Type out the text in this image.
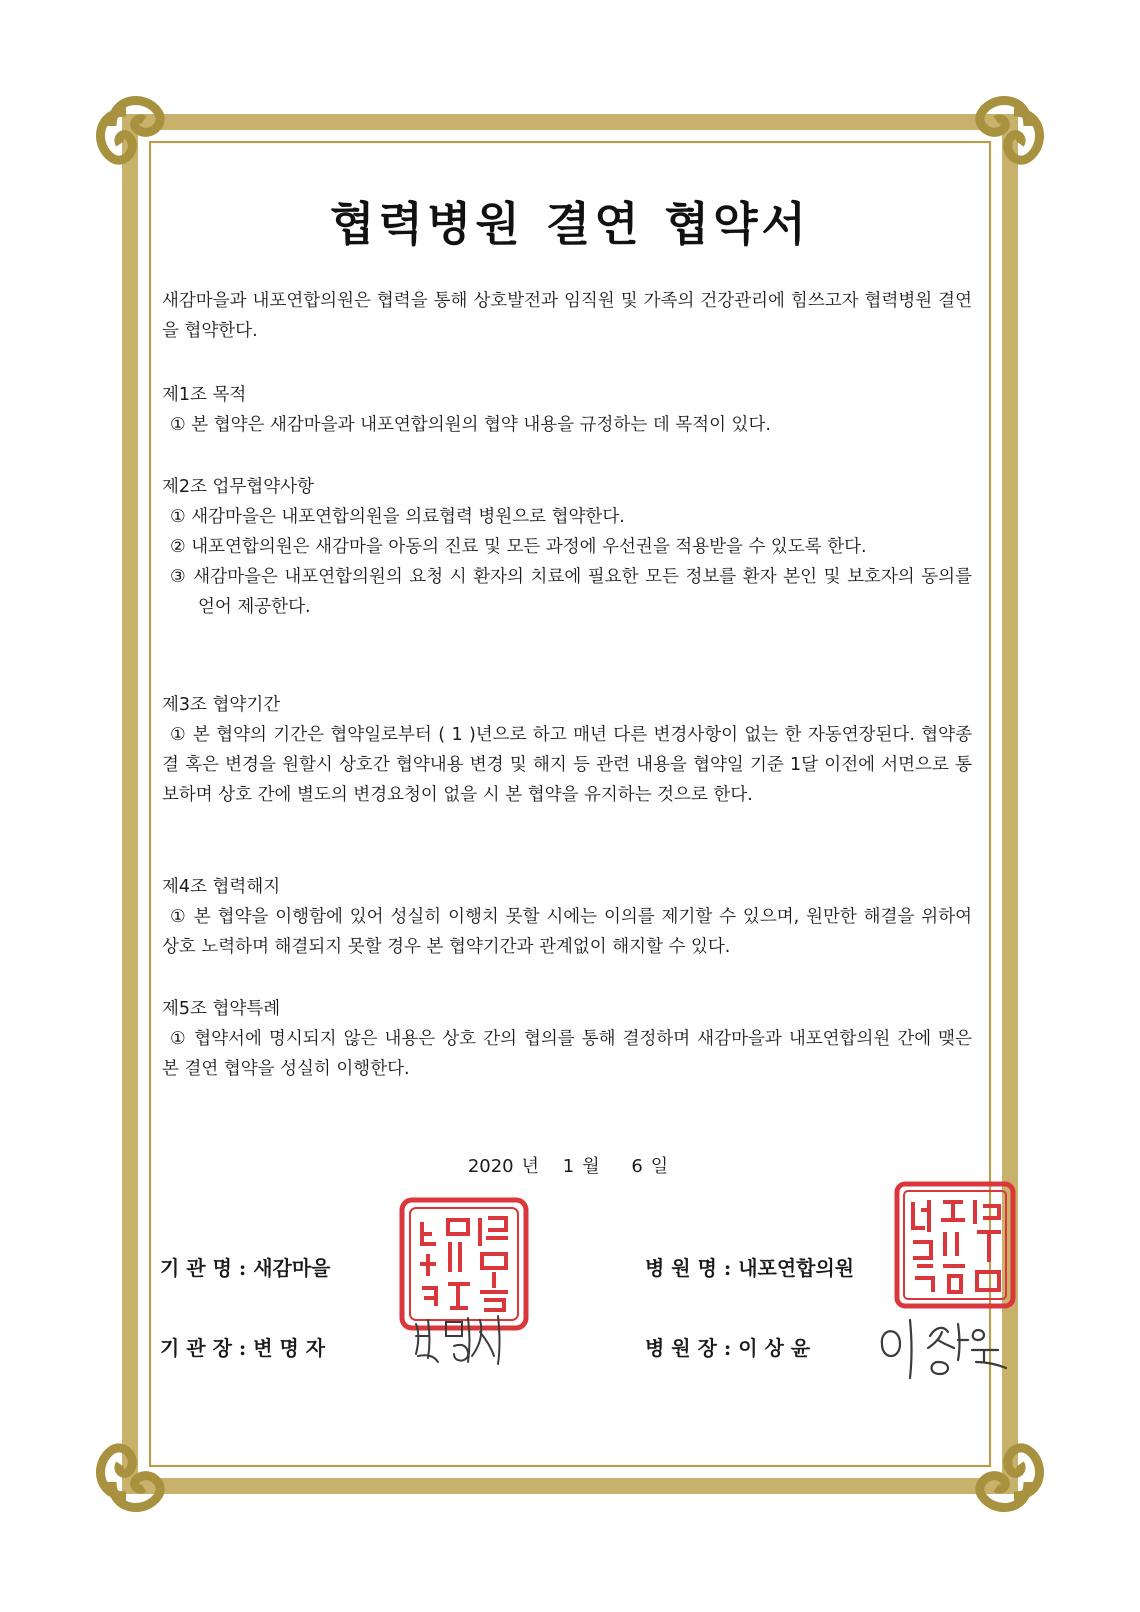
협력병원 결연 협약서

새감마을과 내포연합의원은 협력을 통해 상호발전과 임직원 및 가족의 건강관리에 힘쓰고자 협력병원 결연을 협약한다.

제1조 목적

① 본 협약은 새감마을과 내포연합의원의 협약 내용을 규정하는 데 목적이 있다.

제2조 업무협약사항

① 새감마을은 내포연합의원을 의료협력 병원으로 협약한다.

② 내포연합의원은 새감마을 아동의 진료 및 모든 과정에 우선권을 적용받을 수 있도록 한다.

③ 새감마을은 내포연합의원의 요청 시 환자의 치료에 필요한 모든 정보를 환자 본인 및 보호자의 동의를 얻어 제공한다.

제3조 협약기간

① 본 협약의 기간은 협약일로부터 ( 1 )년으로 하고 매년 다른 변경사항이 없는 한 자동연장된다. 협약종결 혹은 변경을 원할시 상호간 협약내용 변경 및 해지 등 관련 내용을 협약일 기준 1달 이전에 서면으로 통보하며 상호 간에 별도의 변경요청이 없을 시 본 협약을 유지하는 것으로 한다.

제4조 협력해지

① 본 협약을 이행함에 있어 성실히 이행치 못할 시에는 이의를 제기할 수 있으며, 원만한 해결을 위하여 상호 노력하며 해결되지 못할 경우 본 협약기간과 관계없이 해지할 수 있다.

제5조 협약특례

① 협약서에 명시되지 않은 내용은 상호 간의 협의를 통해 결정하며 새감마을과 내포연합의원 간에 맺은 본 결연 협약을 성실히 이행한다.

2020 년 1 월 6 일
기 관 명 : 새감마을
기 관 장 : 변 명 자
병 원 명 : 내포연합의원
병 원 장 : 이 상 윤
